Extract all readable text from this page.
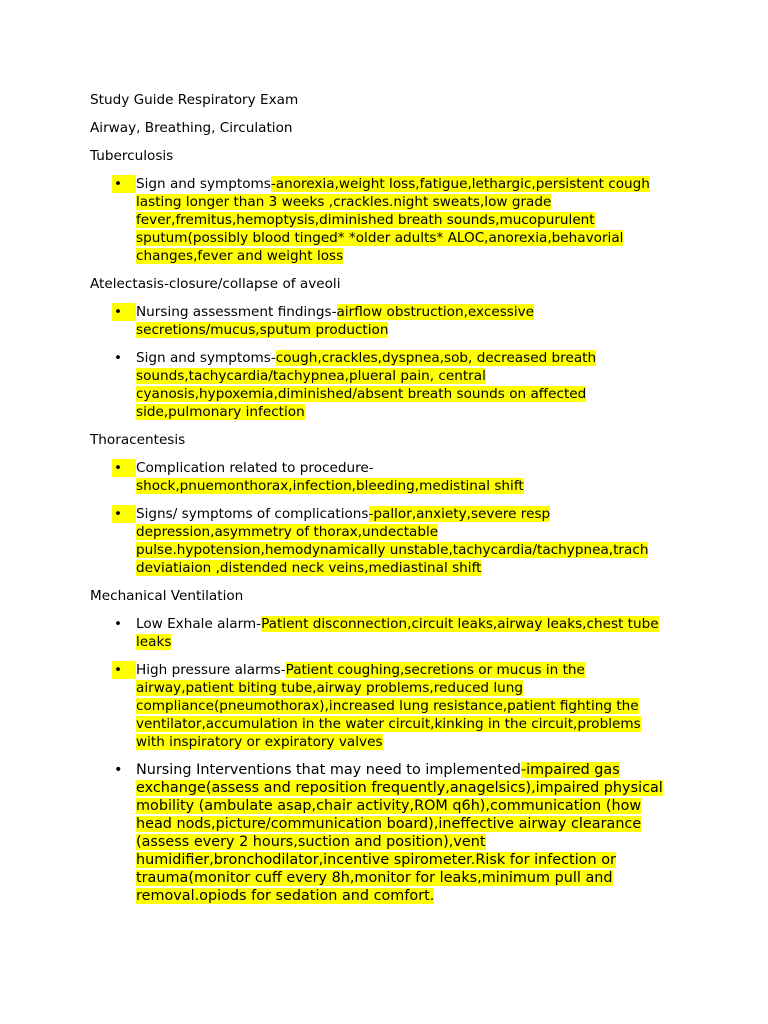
Study Guide Respiratory Exam

Airway, Breathing, Circulation

Tuberculosis

• Sign and symptoms-anorexia,weight loss,fatigue,lethargic,persistent cough lasting longer than 3 weeks ,crackles.night sweats,low grade fever,fremitus,hemoptysis,diminished breath sounds,mucopurulent sputum(possibly blood tinged* *older adults* ALOC,anorexia,behavorial changes,fever and weight loss

Atelectasis-closure/collapse of aveoli

• Nursing assessment findings-airflow obstruction,excessive secretions/mucus,sputum production
• Sign and symptoms-cough,crackles,dyspnea,sob, decreased breath sounds,tachycardia/tachypnea,plueral pain, central cyanosis,hypoxemia,diminished/absent breath sounds on affected side,pulmonary infection

Thoracentesis

• Complication related to procedure-shock,pnuemonthorax,infection,bleeding,medistinal shift
• Signs/ symptoms of complications-pallor,anxiety,severe resp depression,asymmetry of thorax,undectable pulse.hypotension,hemodynamically unstable,tachycardia/tachypnea,trach deviatiaion ,distended neck veins,mediastinal shift

Mechanical Ventilation

• Low Exhale alarm-Patient disconnection,circuit leaks,airway leaks,chest tube leaks
• High pressure alarms-Patient coughing,secretions or mucus in the airway,patient biting tube,airway problems,reduced lung compliance(pneumothorax),increased lung resistance,patient fighting the ventilator,accumulation in the water circuit,kinking in the circuit,problems with inspiratory or expiratory valves
• Nursing Interventions that may need to implemented-impaired gas exchange(assess and reposition frequently,anagelsics),impaired physical mobility (ambulate asap,chair activity,ROM q6h),communication (how head nods,picture/communication board),ineffective airway clearance (assess every 2 hours,suction and position),vent humidifier,bronchodilator,incentive spirometer.Risk for infection or trauma(monitor cuff every 8h,monitor for leaks,minimum pull and removal.opiods for sedation and comfort.
